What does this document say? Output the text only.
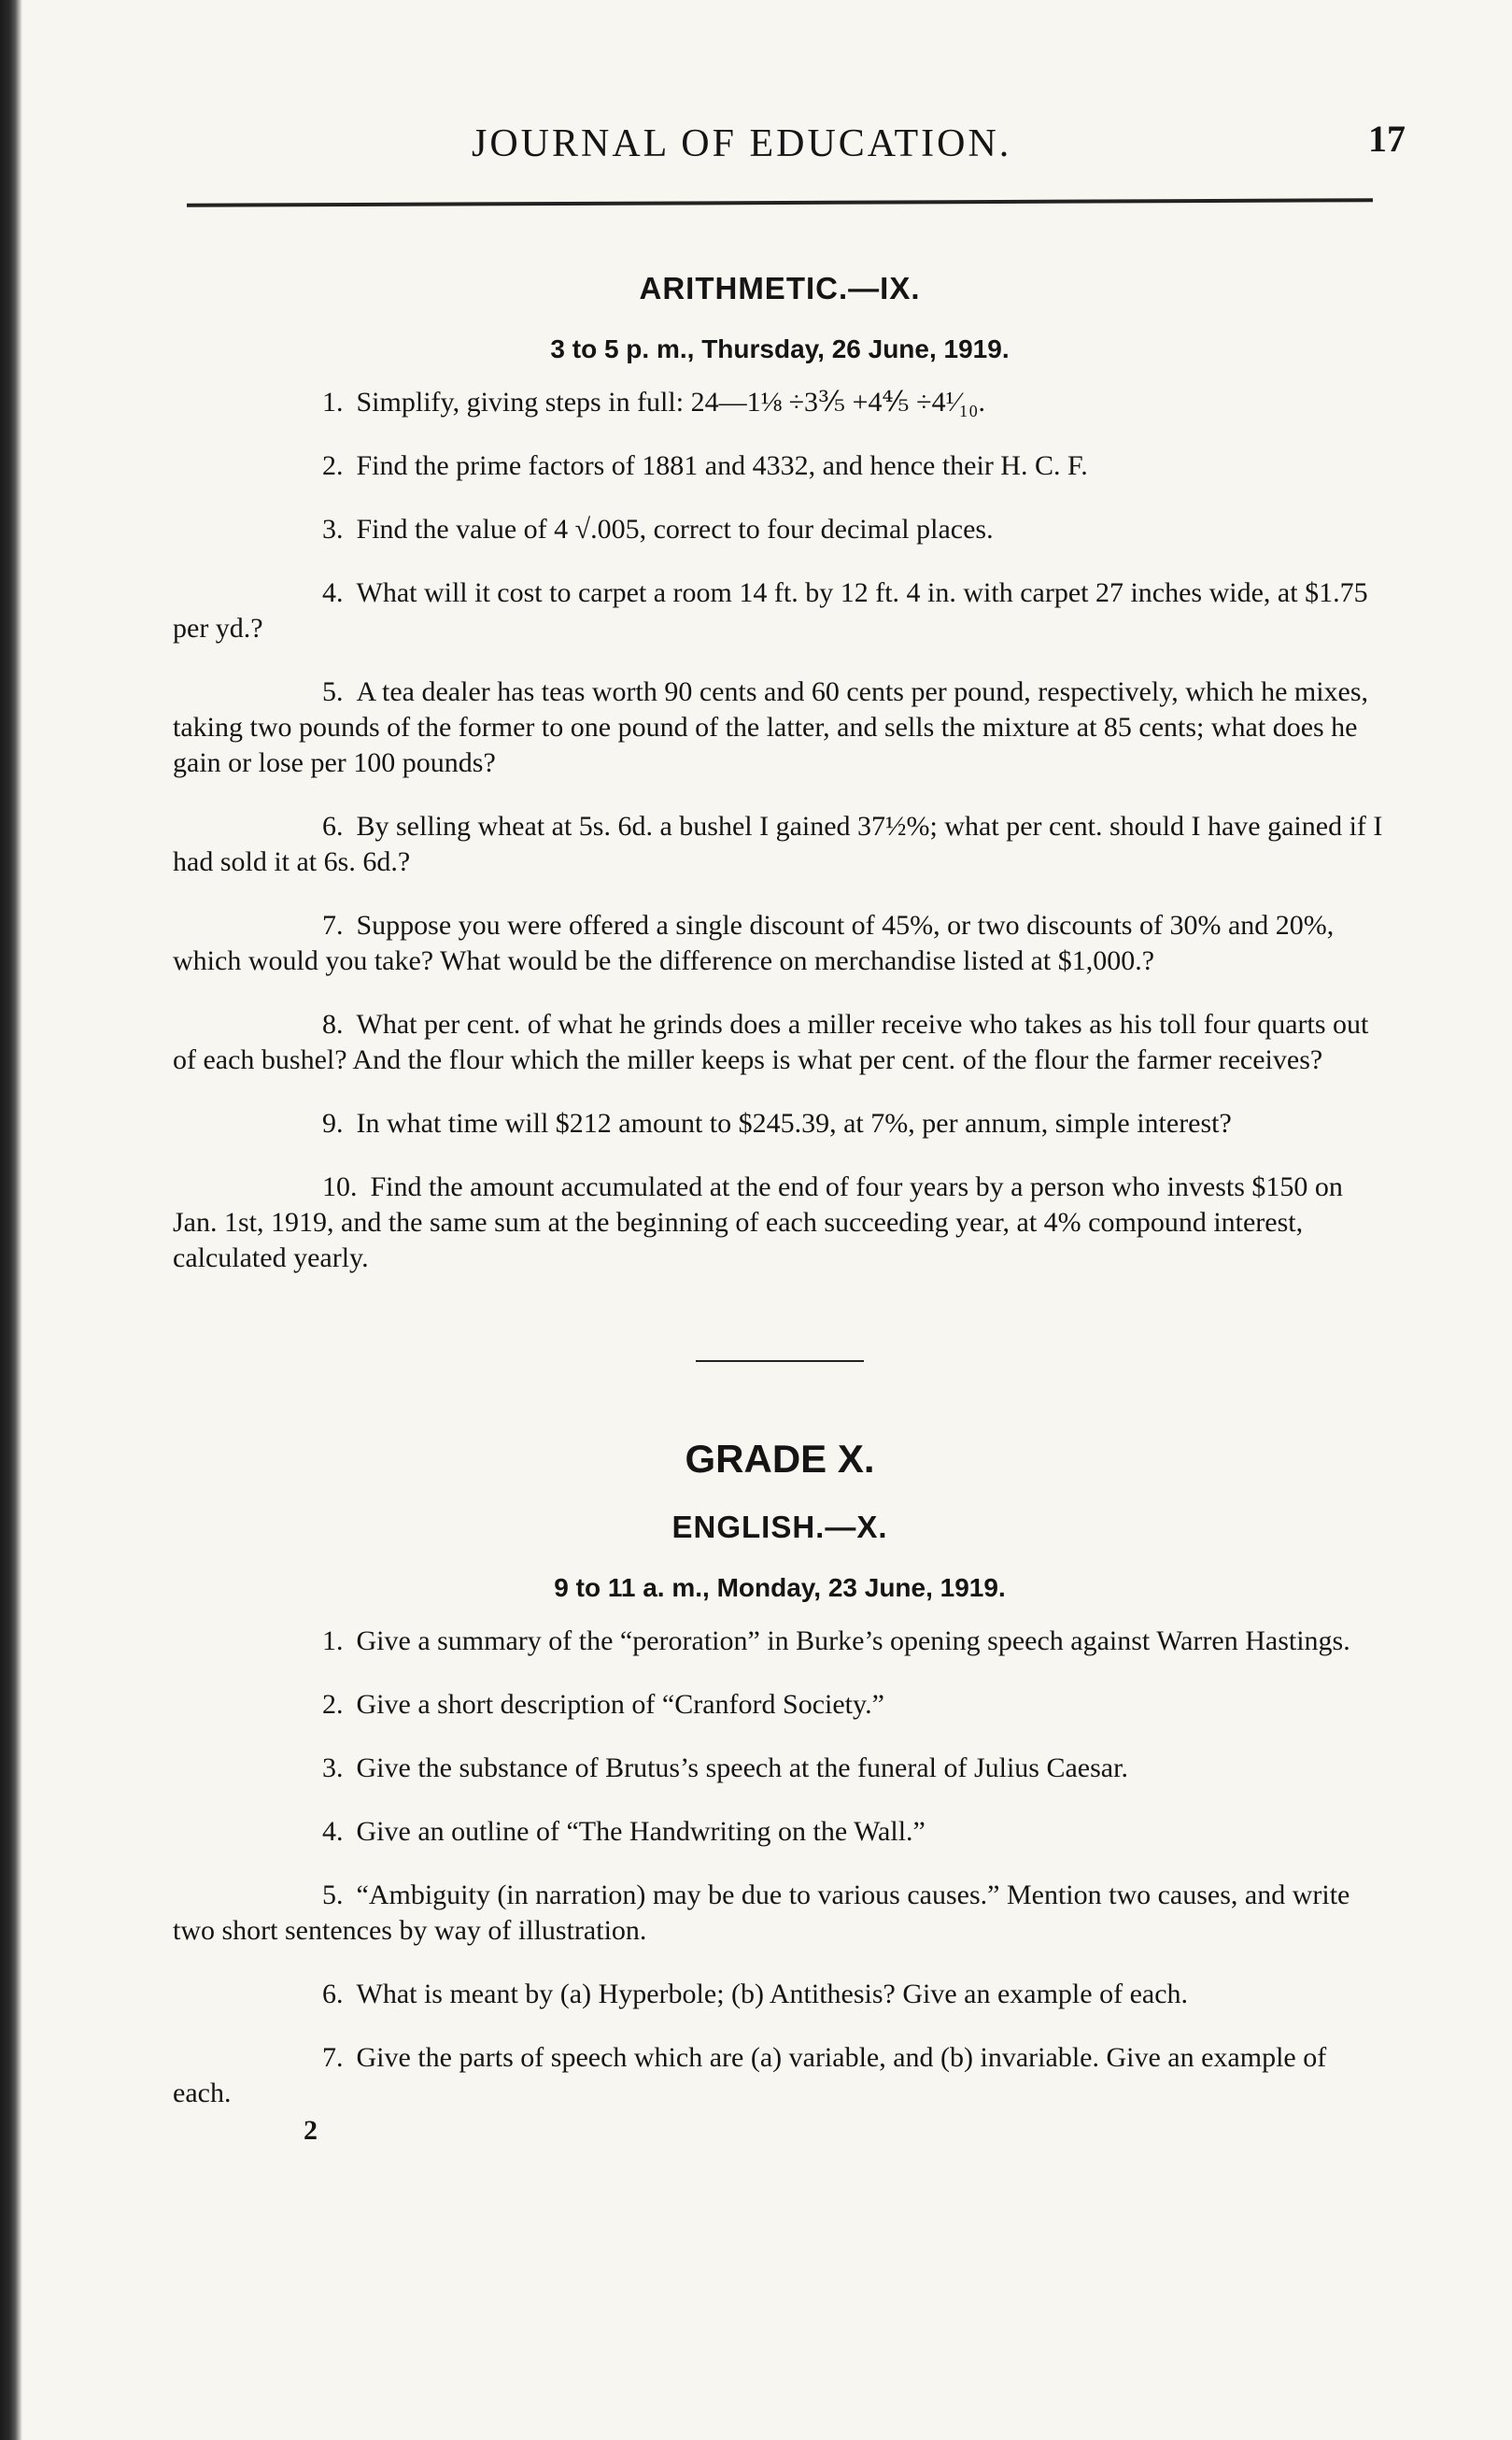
JOURNAL OF EDUCATION.	17
ARITHMETIC.—IX.
3 to 5 p. m., Thursday, 26 June, 1919.

1. Simplify, giving steps in full: 24—1⅛ ÷3⅗ +4⅘ ÷4¹⁄₁₀.

2. Find the prime factors of 1881 and 4332, and hence their H. C. F.

3. Find the value of 4 √.005, correct to four decimal places.

4. What will it cost to carpet a room 14 ft. by 12 ft. 4 in. with carpet 27 inches wide, at $1.75 per yd.?

5. A tea dealer has teas worth 90 cents and 60 cents per pound, respectively, which he mixes, taking two pounds of the former to one pound of the latter, and sells the mixture at 85 cents; what does he gain or lose per 100 pounds?

6. By selling wheat at 5s. 6d. a bushel I gained 37½%; what per cent. should I have gained if I had sold it at 6s. 6d.?

7. Suppose you were offered a single discount of 45%, or two discounts of 30% and 20%, which would you take? What would be the difference on merchandise listed at $1,000.?

8. What per cent. of what he grinds does a miller receive who takes as his toll four quarts out of each bushel? And the flour which the miller keeps is what per cent. of the flour the farmer receives?

9. In what time will $212 amount to $245.39, at 7%, per annum, simple interest?

10. Find the amount accumulated at the end of four years by a person who invests $150 on Jan. 1st, 1919, and the same sum at the beginning of each succeeding year, at 4% compound interest, calculated yearly.

GRADE X.
ENGLISH.—X.
9 to 11 a. m., Monday, 23 June, 1919.

1. Give a summary of the “peroration” in Burke’s opening speech against Warren Hastings.

2. Give a short description of “Cranford Society.”

3. Give the substance of Brutus’s speech at the funeral of Julius Caesar.

4. Give an outline of “The Handwriting on the Wall.”

5. “Ambiguity (in narration) may be due to various causes.” Mention two causes, and write two short sentences by way of illustration.

6. What is meant by (a) Hyperbole; (b) Antithesis? Give an example of each.

7. Give the parts of speech which are (a) variable, and (b) invariable. Give an example of each.

2
